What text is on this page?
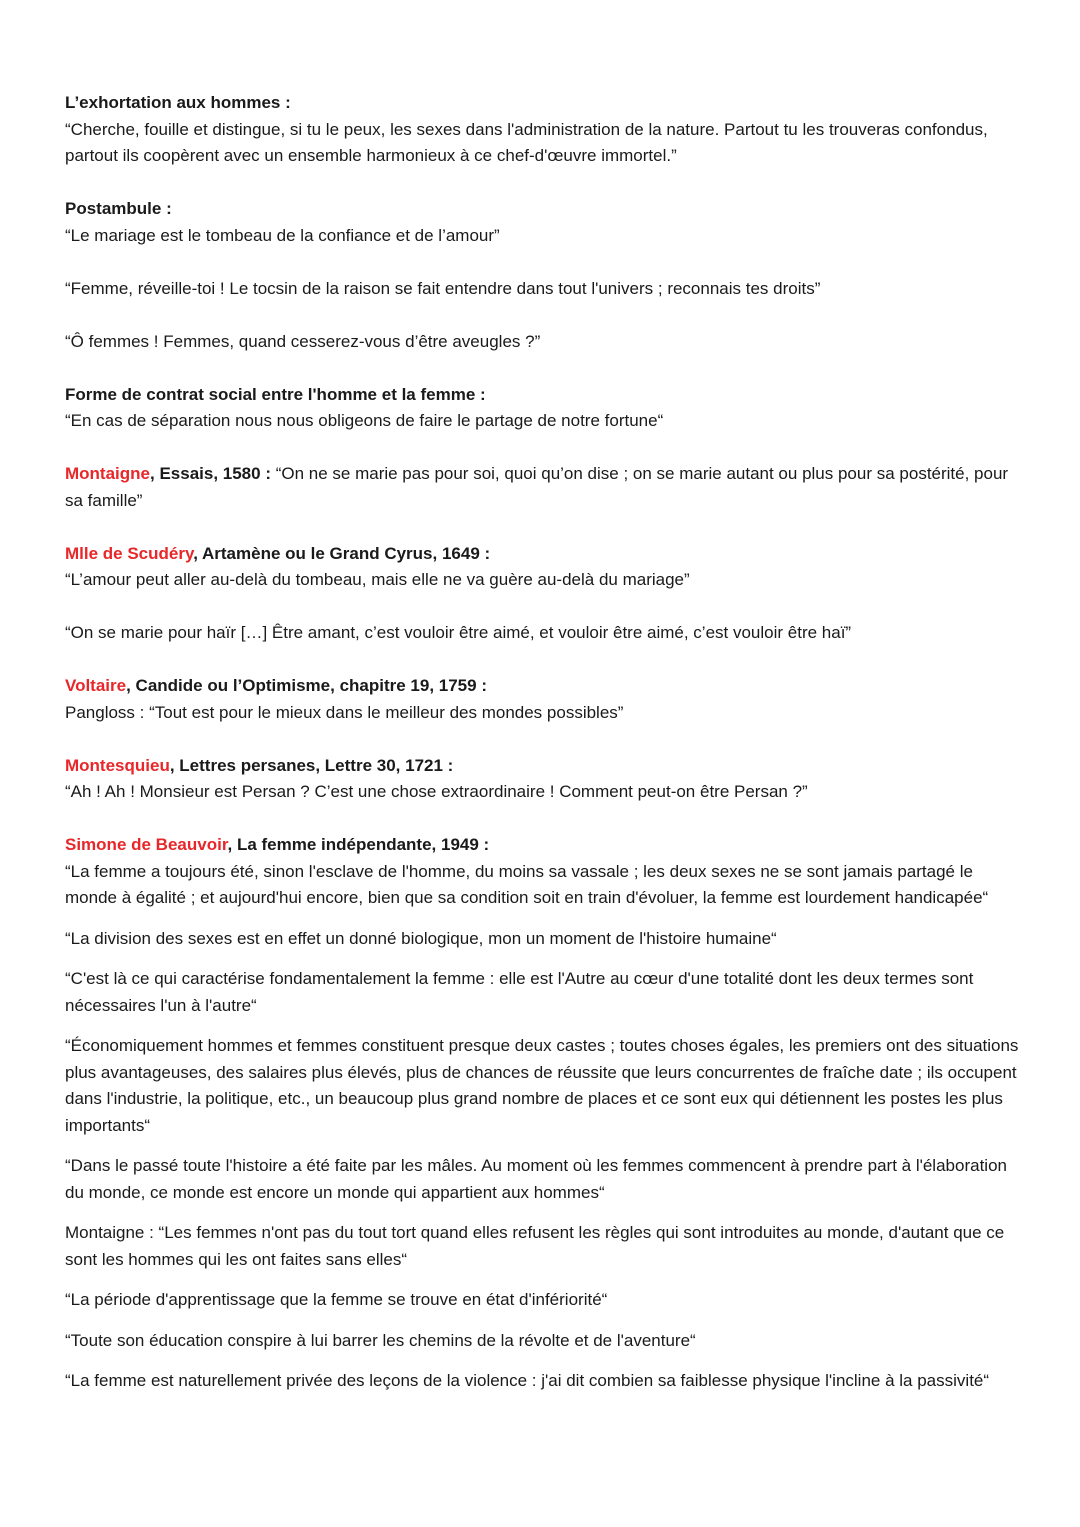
L’exhortation aux hommes :

“Cherche, fouille et distingue, si tu le peux, les sexes dans l'administration de la nature. Partout tu les trouveras confondus, partout ils coopèrent avec un ensemble harmonieux à ce chef-d'œuvre immortel.”

Postambule :

“Le mariage est le tombeau de la confiance et de l’amour”

“Femme, réveille-toi ! Le tocsin de la raison se fait entendre dans tout l'univers ; reconnais tes droits”

“Ô femmes ! Femmes, quand cesserez-vous d’être aveugles ?”

Forme de contrat social entre l'homme et la femme :

“En cas de séparation nous nous obligeons de faire le partage de notre fortune“

Montaigne, Essais, 1580 : “On ne se marie pas pour soi, quoi qu’on dise ; on se marie autant ou plus pour sa postérité, pour sa famille”

Mlle de Scudéry, Artamène ou le Grand Cyrus, 1649 :

“L’amour peut aller au-delà du tombeau, mais elle ne va guère au-delà du mariage”

“On se marie pour haïr […] Être amant, c’est vouloir être aimé, et vouloir être aimé, c’est vouloir être haï”

Voltaire, Candide ou l’Optimisme, chapitre 19, 1759 :

Pangloss : “Tout est pour le mieux dans le meilleur des mondes possibles”

Montesquieu, Lettres persanes, Lettre 30, 1721 :

“Ah ! Ah ! Monsieur est Persan ? C’est une chose extraordinaire ! Comment peut-on être Persan ?”

Simone de Beauvoir, La femme indépendante, 1949 :

“La femme a toujours été, sinon l'esclave de l'homme, du moins sa vassale ; les deux sexes ne se sont jamais partagé le monde à égalité ; et aujourd'hui encore, bien que sa condition soit en train d'évoluer, la femme est lourdement handicapée“

“La division des sexes est en effet un donné biologique, mon un moment de l'histoire humaine“

“C'est là ce qui caractérise fondamentalement la femme : elle est l'Autre au cœur d'une totalité dont les deux termes sont nécessaires l'un à l'autre“

“Économiquement hommes et femmes constituent presque deux castes ; toutes choses égales, les premiers ont des situations plus avantageuses, des salaires plus élevés, plus de chances de réussite que leurs concurrentes de fraîche date ; ils occupent dans l'industrie, la politique, etc., un beaucoup plus grand nombre de places et ce sont eux qui détiennent les postes les plus importants“

“Dans le passé toute l'histoire a été faite par les mâles. Au moment où les femmes commencent à prendre part à l'élaboration du monde, ce monde est encore un monde qui appartient aux hommes“

Montaigne : “Les femmes n'ont pas du tout tort quand elles refusent les règles qui sont introduites au monde, d'autant que ce sont les hommes qui les ont faites sans elles“

“La période d'apprentissage que la femme se trouve en état d'infériorité“

“Toute son éducation conspire à lui barrer les chemins de la révolte et de l'aventure“

“La femme est naturellement privée des leçons de la violence : j'ai dit combien sa faiblesse physique l'incline à la passivité“
